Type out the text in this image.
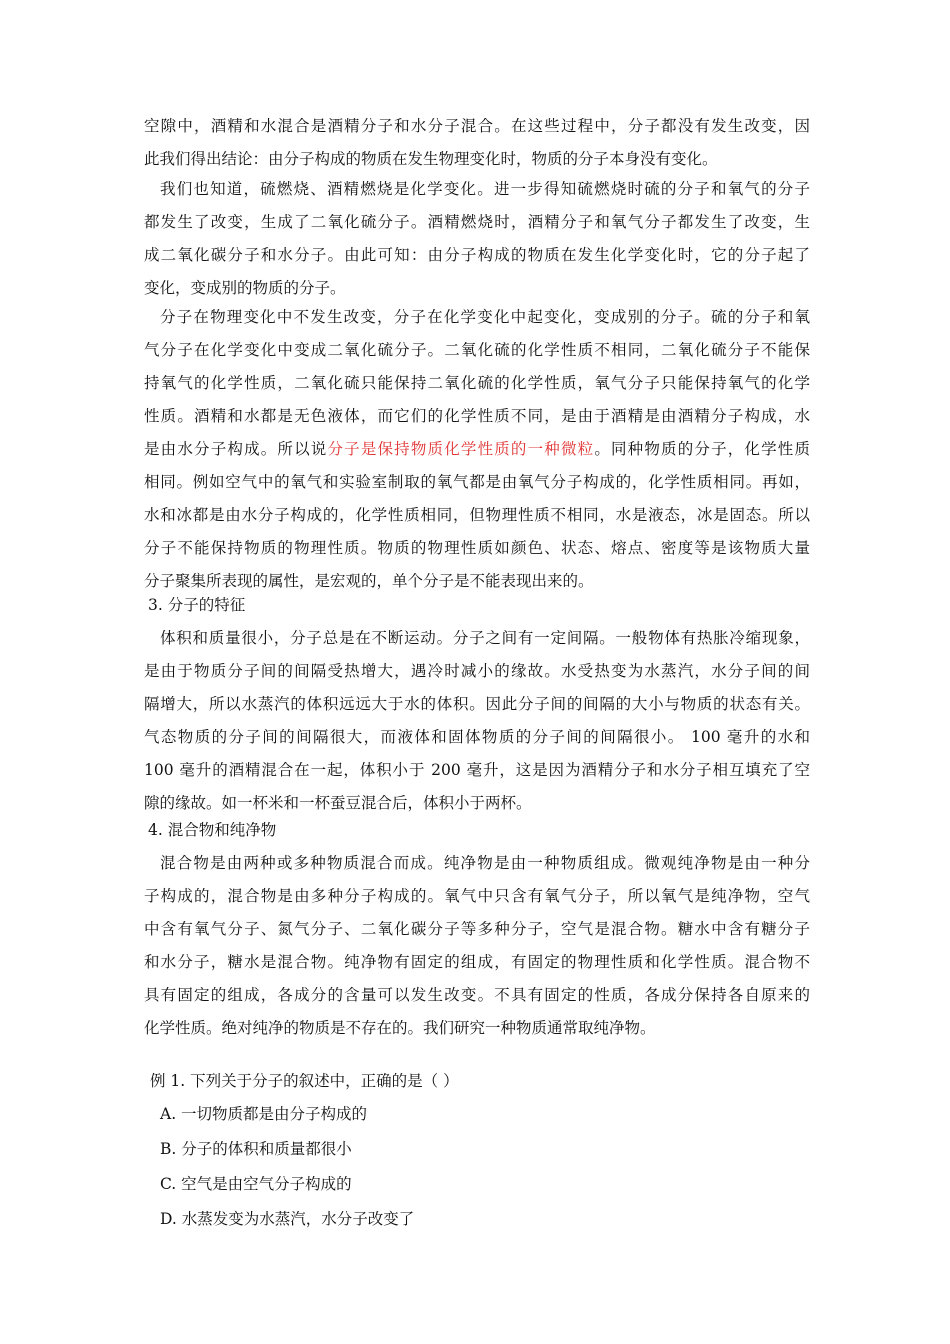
空隙中，酒精和水混合是酒精分子和水分子混合。在这些过程中，分子都没有发生改变，因
此我们得出结论：由分子构成的物质在发生物理变化时，物质的分子本身没有变化。
我们也知道，硫燃烧、酒精燃烧是化学变化。进一步得知硫燃烧时硫的分子和氧气的分子
都发生了改变，生成了二氧化硫分子。酒精燃烧时，酒精分子和氧气分子都发生了改变，生
成二氧化碳分子和水分子。由此可知：由分子构成的物质在发生化学变化时，它的分子起了
变化，变成别的物质的分子。
分子在物理变化中不发生改变，分子在化学变化中起变化，变成别的分子。硫的分子和氧
气分子在化学变化中变成二氧化硫分子。二氧化硫的化学性质不相同，二氧化硫分子不能保
持氧气的化学性质，二氧化硫只能保持二氧化硫的化学性质，氧气分子只能保持氧气的化学
性质。酒精和水都是无色液体，而它们的化学性质不同，是由于酒精是由酒精分子构成，水
是由水分子构成。所以说分子是保持物质化学性质的一种微粒。同种物质的分子，化学性质
相同。例如空气中的氧气和实验室制取的氧气都是由氧气分子构成的，化学性质相同。再如，
水和冰都是由水分子构成的，化学性质相同，但物理性质不相同，水是液态，冰是固态。所以
分子不能保持物质的物理性质。物质的物理性质如颜色、状态、熔点、密度等是该物质大量
分子聚集所表现的属性，是宏观的，单个分子是不能表现出来的。
3. 分子的特征
体积和质量很小，分子总是在不断运动。分子之间有一定间隔。一般物体有热胀冷缩现象，
是由于物质分子间的间隔受热增大，遇冷时减小的缘故。水受热变为水蒸汽，水分子间的间
隔增大，所以水蒸汽的体积远远大于水的体积。因此分子间的间隔的大小与物质的状态有关。
气态物质的分子间的间隔很大，而液体和固体物质的分子间的间隔很小。 100 毫升的水和
100 毫升的酒精混合在一起，体积小于 200 毫升，这是因为酒精分子和水分子相互填充了空
隙的缘故。如一杯米和一杯蚕豆混合后，体积小于两杯。
4. 混合物和纯净物
混合物是由两种或多种物质混合而成。纯净物是由一种物质组成。微观纯净物是由一种分
子构成的，混合物是由多种分子构成的。氧气中只含有氧气分子，所以氧气是纯净物，空气
中含有氧气分子、氮气分子、二氧化碳分子等多种分子，空气是混合物。糖水中含有糖分子
和水分子，糖水是混合物。纯净物有固定的组成，有固定的物理性质和化学性质。混合物不
具有固定的组成，各成分的含量可以发生改变。不具有固定的性质，各成分保持各自原来的
化学性质。绝对纯净的物质是不存在的。我们研究一种物质通常取纯净物。
例 1. 下列关于分子的叙述中，正确的是（ ）
A. 一切物质都是由分子构成的
B. 分子的体积和质量都很小
C. 空气是由空气分子构成的
D. 水蒸发变为水蒸汽，水分子改变了
